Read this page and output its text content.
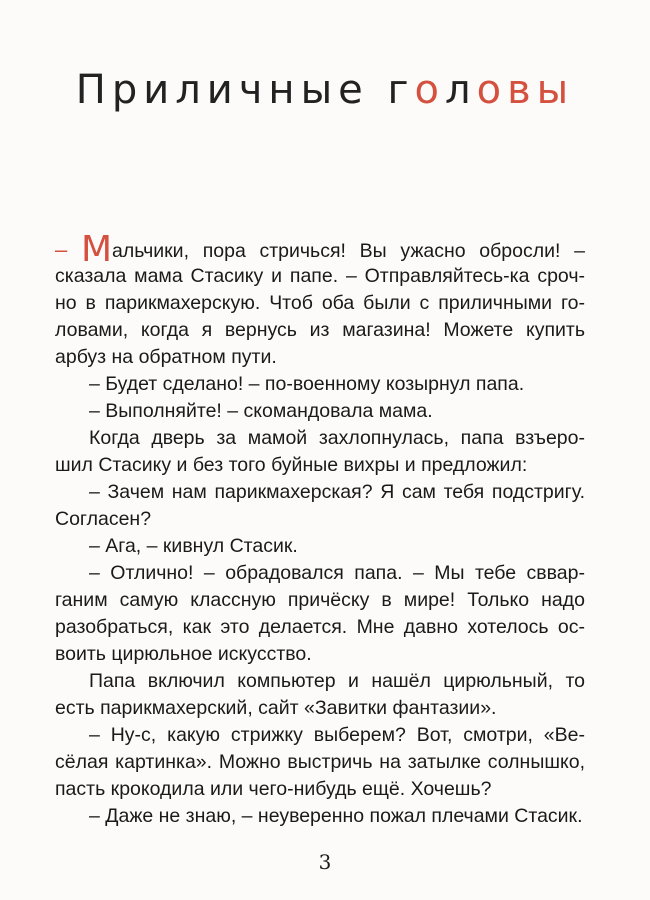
Приличные головы

– Мальчики, пора стричься! Вы ужасно обросли! –
сказала мама Стасику и папе. – Отправляйтесь-ка сроч-
но в парикмахерскую. Чтоб оба были с приличными го-
ловами, когда я вернусь из магазина! Можете купить
арбуз на обратном пути.

– Будет сделано! – по-военному козырнул папа.

– Выполняйте! – скомандовала мама.

Когда дверь за мамой захлопнулась, папа взъеро-
шил Стасику и без того буйные вихры и предложил:

– Зачем нам парикмахерская? Я сам тебя подстригу.
Согласен?

– Ага, – кивнул Стасик.

– Отлично! – обрадовался папа. – Мы тебе сввар-
ганим самую классную причёску в мире! Только надо
разобраться, как это делается. Мне давно хотелось ос-
воить цирюльное искусство.

Папа включил компьютер и нашёл цирюльный, то
есть парикмахерский, сайт «Завитки фантазии».

– Ну-с, какую стрижку выберем? Вот, смотри, «Ве-
сёлая картинка». Можно выстричь на затылке солнышко,
пасть крокодила или чего-нибудь ещё. Хочешь?

– Даже не знаю, – неуверенно пожал плечами Стасик.

3
